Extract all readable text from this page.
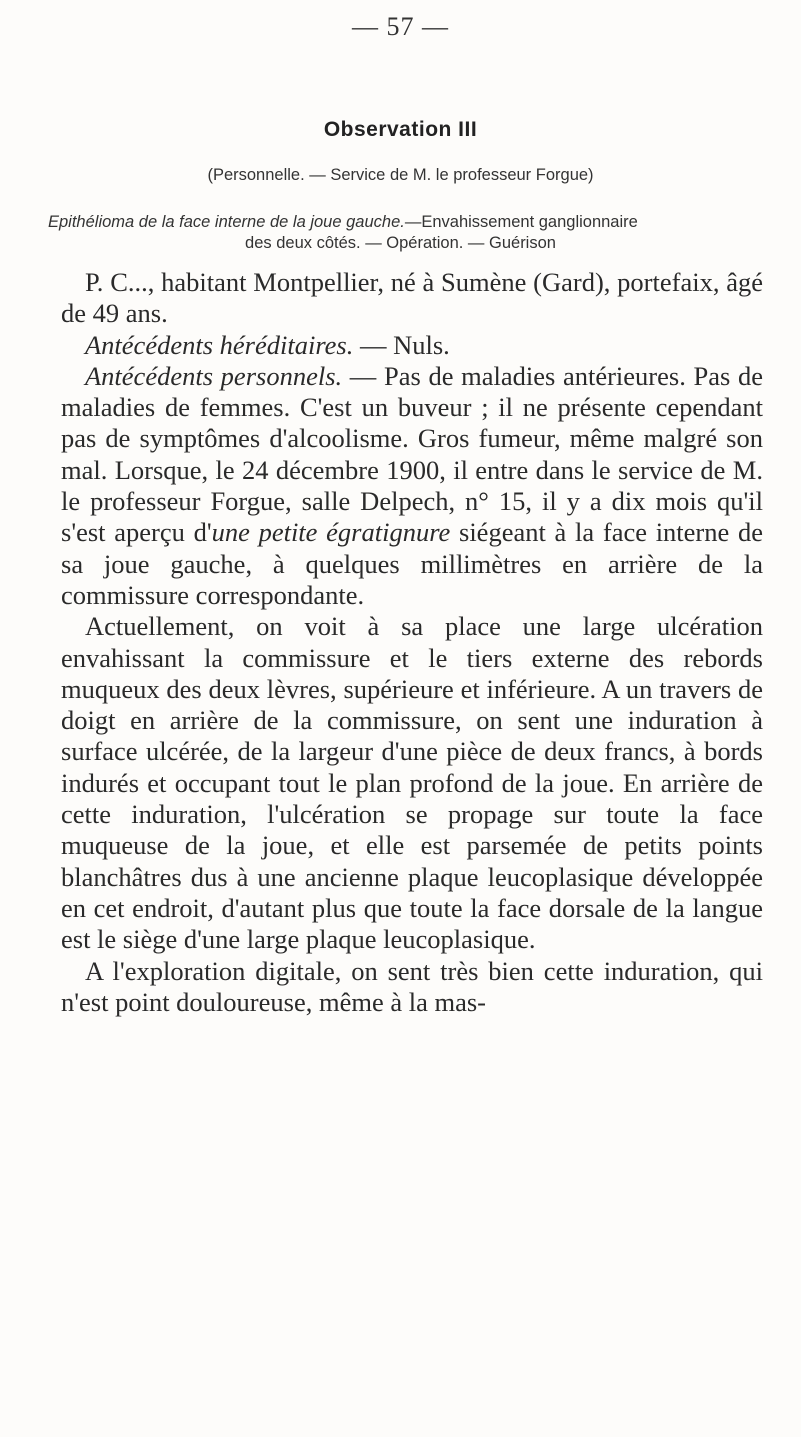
— 57 —
Observation III
(Personnelle. — Service de M. le professeur Forgue)
Epithélioma de la face interne de la joue gauche.—Envahissement ganglionnaire
des deux côtés. — Opération. — Guérison

P. C..., habitant Montpellier, né à Sumène (Gard), portefaix, âgé de 49 ans.

Antécédents héréditaires. — Nuls.

Antécédents personnels. — Pas de maladies antérieures. Pas de maladies de femmes. C'est un buveur ; il ne présente cependant pas de symptômes d'alcoolisme. Gros fumeur, même malgré son mal. Lorsque, le 24 décembre 1900, il entre dans le service de M. le professeur Forgue, salle Delpech, n° 15, il y a dix mois qu'il s'est aperçu d'une petite égratignure siégeant à la face interne de sa joue gauche, à quelques millimètres en arrière de la commissure correspondante.

Actuellement, on voit à sa place une large ulcération envahissant la commissure et le tiers externe des rebords muqueux des deux lèvres, supérieure et inférieure. A un travers de doigt en arrière de la commissure, on sent une induration à surface ulcérée, de la largeur d'une pièce de deux francs, à bords indurés et occupant tout le plan profond de la joue. En arrière de cette induration, l'ulcération se propage sur toute la face muqueuse de la joue, et elle est parsemée de petits points blanchâtres dus à une ancienne plaque leucoplasique développée en cet endroit, d'autant plus que toute la face dorsale de la langue est le siège d'une large plaque leucoplasique.

A l'exploration digitale, on sent très bien cette induration, qui n'est point douloureuse, même à la mas-
